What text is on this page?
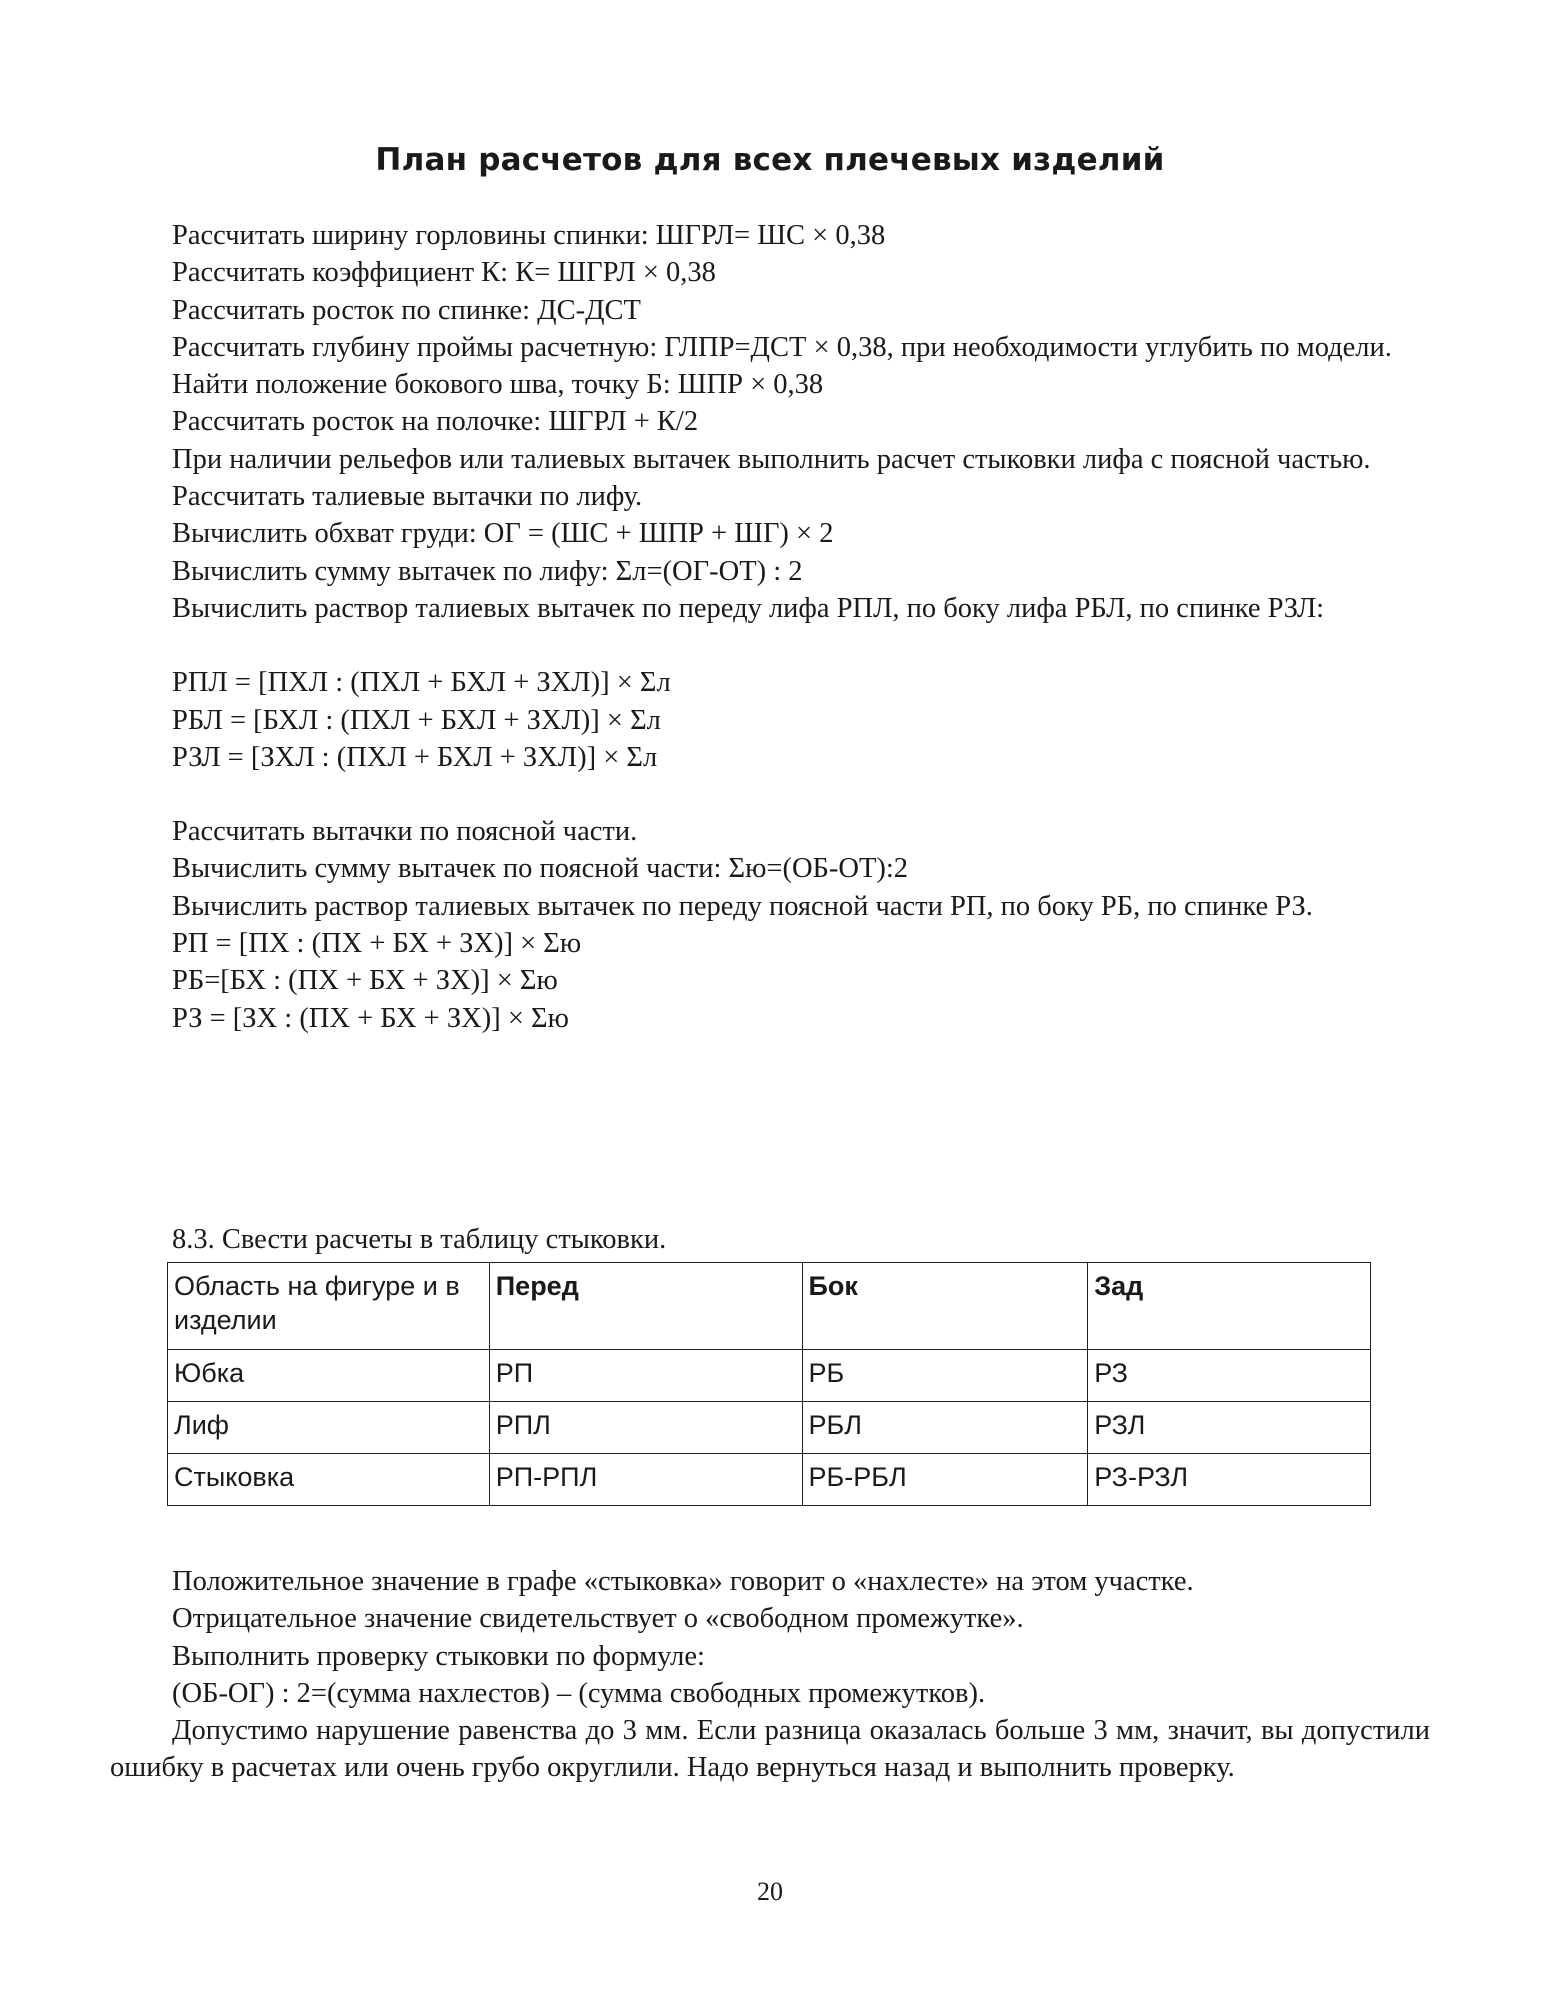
План расчетов для всех плечевых изделий

Рассчитать ширину горловины спинки: ШГРЛ= ШС × 0,38

Рассчитать коэффициент К: К= ШГРЛ × 0,38

Рассчитать росток по спинке: ДС-ДСТ

Рассчитать глубину проймы расчетную: ГЛПР=ДСТ × 0,38, при необходимости углубить по модели.

Найти положение бокового шва, точку Б: ШПР × 0,38

Рассчитать росток на полочке: ШГРЛ + К/2

При наличии рельефов или талиевых вытачек выполнить расчет стыковки лифа с поясной частью.

Рассчитать талиевые вытачки по лифу.

Вычислить обхват груди: ОГ = (ШС + ШПР + ШГ) × 2

Вычислить сумму вытачек по лифу: Σл=(ОГ-ОТ) : 2

Вычислить раствор талиевых вытачек по переду лифа РПЛ, по боку лифа РБЛ, по спинке РЗЛ:

РПЛ = [ПХЛ : (ПХЛ + БХЛ + ЗХЛ)] × Σл

РБЛ = [БХЛ : (ПХЛ + БХЛ + ЗХЛ)] × Σл

РЗЛ = [ЗХЛ : (ПХЛ + БХЛ + ЗХЛ)] × Σл

Рассчитать вытачки по поясной части.

Вычислить сумму вытачек по поясной части: Σю=(ОБ-ОТ):2

Вычислить раствор талиевых вытачек по переду поясной части РП, по боку РБ, по спинке РЗ.

РП = [ПХ : (ПХ + БХ + ЗХ)] × Σю

РБ=[БХ : (ПХ + БХ + ЗХ)] × Σю

РЗ = [ЗХ : (ПХ + БХ + ЗХ)] × Σю

8.3. Свести расчеты в таблицу стыковки.
Область на фигуре и в изделии	Перед	Бок	Зад
Юбка	РП	РБ	РЗ
Лиф	РПЛ	РБЛ	РЗЛ
Стыковка	РП-РПЛ	РБ-РБЛ	РЗ-РЗЛ

Положительное значение в графе «стыковка» говорит о «нахлесте» на этом участке.

Отрицательное значение свидетельствует о «свободном промежутке».

Выполнить проверку стыковки по формуле:

(ОБ-ОГ) : 2=(сумма нахлестов) – (сумма свободных промежутков).

Допустимо нарушение равенства до 3 мм. Если разница оказалась больше 3 мм, значит, вы допустили ошибку в расчетах или очень грубо округлили. Надо вернуться назад и выполнить проверку.

20
